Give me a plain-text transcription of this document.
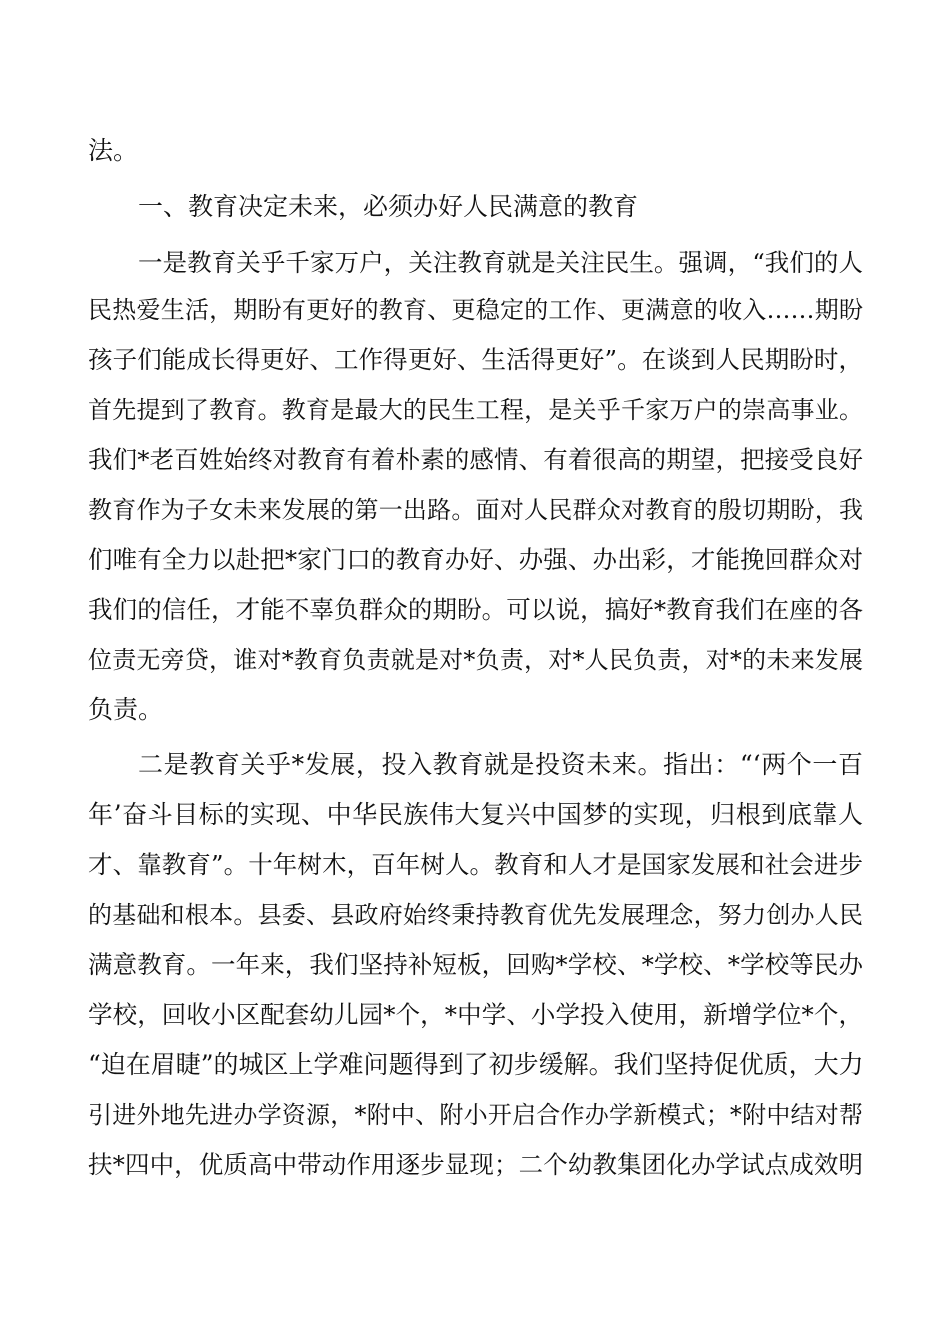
法。
一、教育决定未来，必须办好人民满意的教育
一是教育关乎千家万户，关注教育就是关注民生。强调，“我们的人
民热爱生活，期盼有更好的教育、更稳定的工作、更满意的收入……期盼
孩子们能成长得更好、工作得更好、生活得更好”。在谈到人民期盼时，
首先提到了教育。教育是最大的民生工程，是关乎千家万户的崇高事业。
我们*老百姓始终对教育有着朴素的感情、有着很高的期望，把接受良好
教育作为子女未来发展的第一出路。面对人民群众对教育的殷切期盼，我
们唯有全力以赴把*家门口的教育办好、办强、办出彩，才能挽回群众对
我们的信任，才能不辜负群众的期盼。可以说，搞好*教育我们在座的各
位责无旁贷，谁对*教育负责就是对*负责，对*人民负责，对*的未来发展
负责。
二是教育关乎*发展，投入教育就是投资未来。指出：“‘两个一百
年’奋斗目标的实现、中华民族伟大复兴中国梦的实现，归根到底靠人
才、靠教育”。十年树木，百年树人。教育和人才是国家发展和社会进步
的基础和根本。县委、县政府始终秉持教育优先发展理念，努力创办人民
满意教育。一年来，我们坚持补短板，回购*学校、*学校、*学校等民办
学校，回收小区配套幼儿园*个，*中学、小学投入使用，新增学位*个，
“迫在眉睫”的城区上学难问题得到了初步缓解。我们坚持促优质，大力
引进外地先进办学资源，*附中、附小开启合作办学新模式；*附中结对帮
扶*四中，优质高中带动作用逐步显现；二个幼教集团化办学试点成效明
